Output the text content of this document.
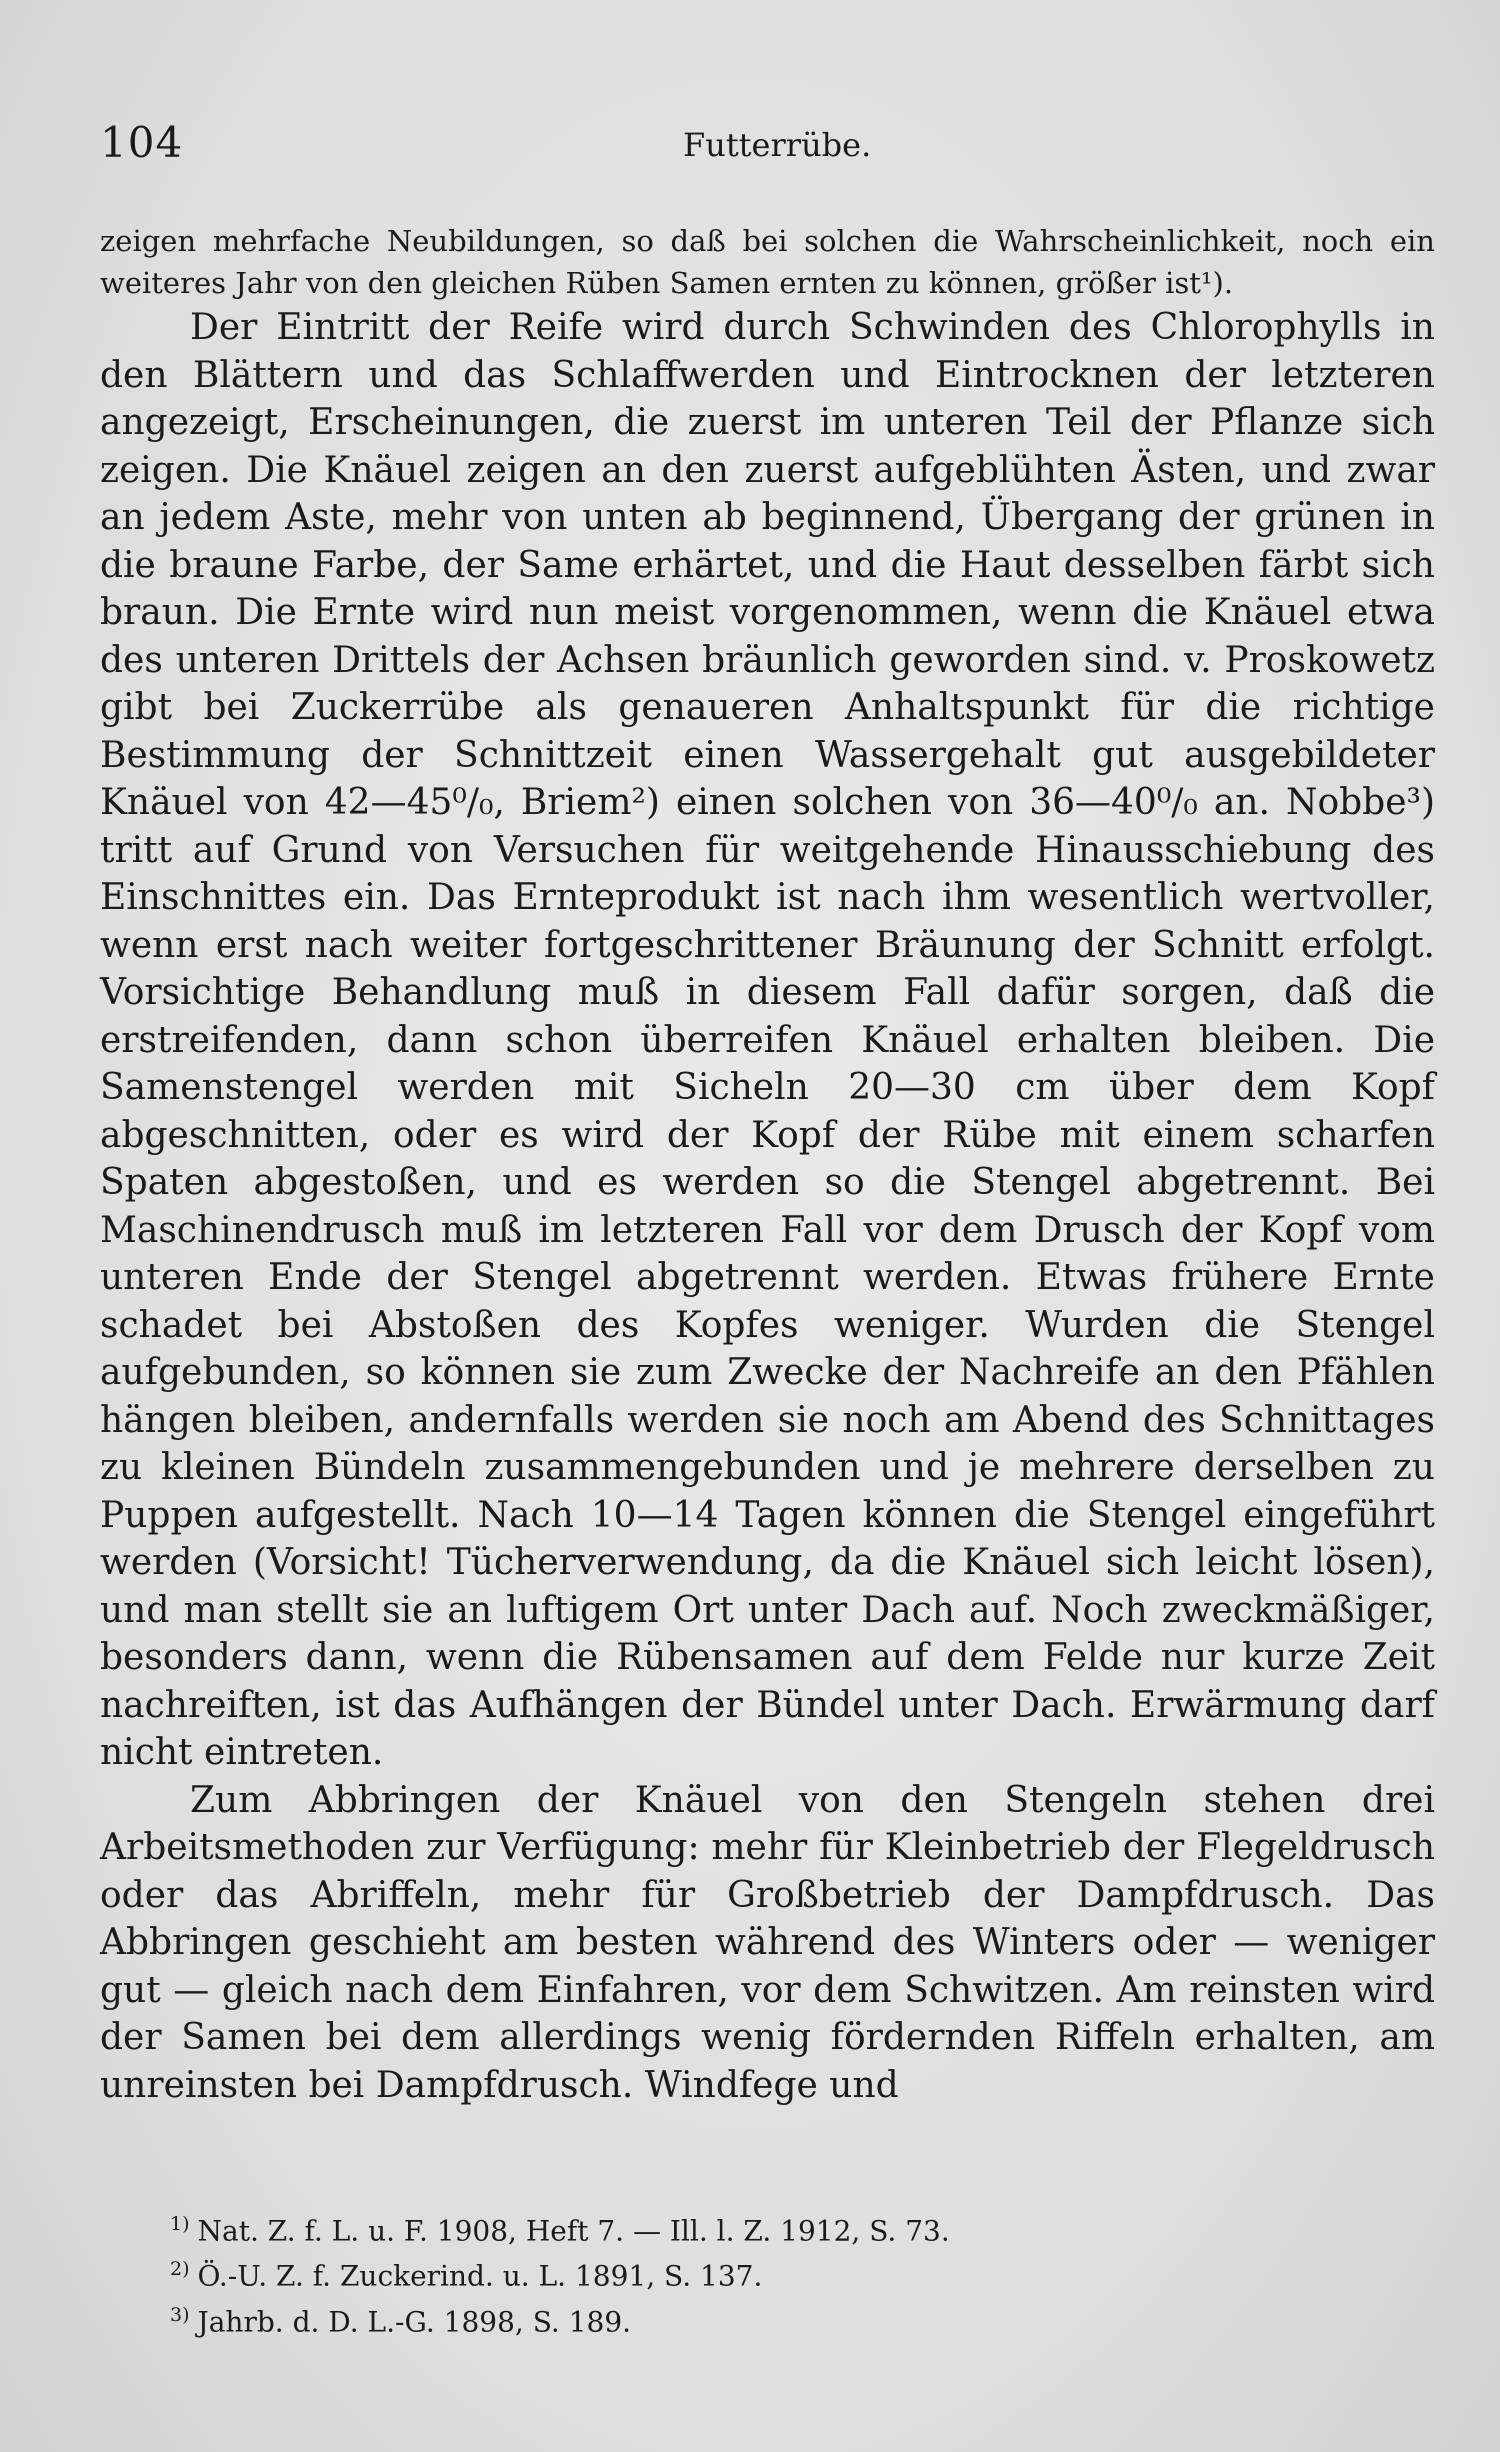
104	Futterrübe.

zeigen mehrfache Neubildungen, so daß bei solchen die Wahrscheinlichkeit, noch ein weiteres Jahr von den gleichen Rüben Samen ernten zu können, größer ist¹).

Der Eintritt der Reife wird durch Schwinden des Chlorophylls in den Blättern und das Schlaffwerden und Eintrocknen der letzteren angezeigt, Erscheinungen, die zuerst im unteren Teil der Pflanze sich zeigen. Die Knäuel zeigen an den zuerst aufgeblühten Ästen, und zwar an jedem Aste, mehr von unten ab beginnend, Übergang der grünen in die braune Farbe, der Same erhärtet, und die Haut desselben färbt sich braun. Die Ernte wird nun meist vorgenommen, wenn die Knäuel etwa des unteren Drittels der Achsen bräunlich geworden sind. v. Proskowetz gibt bei Zuckerrübe als genaueren Anhaltspunkt für die richtige Bestimmung der Schnittzeit einen Wassergehalt gut ausgebildeter Knäuel von 42—45⁰/₀, Briem²) einen solchen von 36—40⁰/₀ an. Nobbe³) tritt auf Grund von Versuchen für weitgehende Hinausschiebung des Einschnittes ein. Das Ernteprodukt ist nach ihm wesentlich wertvoller, wenn erst nach weiter fortgeschrittener Bräunung der Schnitt erfolgt. Vorsichtige Behandlung muß in diesem Fall dafür sorgen, daß die erstreifenden, dann schon überreifen Knäuel erhalten bleiben. Die Samenstengel werden mit Sicheln 20—30 cm über dem Kopf abgeschnitten, oder es wird der Kopf der Rübe mit einem scharfen Spaten abgestoßen, und es werden so die Stengel abgetrennt. Bei Maschinendrusch muß im letzteren Fall vor dem Drusch der Kopf vom unteren Ende der Stengel abgetrennt werden. Etwas frühere Ernte schadet bei Abstoßen des Kopfes weniger. Wurden die Stengel aufgebunden, so können sie zum Zwecke der Nachreife an den Pfählen hängen bleiben, andernfalls werden sie noch am Abend des Schnittages zu kleinen Bündeln zusammengebunden und je mehrere derselben zu Puppen aufgestellt. Nach 10—14 Tagen können die Stengel eingeführt werden (Vorsicht! Tücherverwendung, da die Knäuel sich leicht lösen), und man stellt sie an luftigem Ort unter Dach auf. Noch zweckmäßiger, besonders dann, wenn die Rübensamen auf dem Felde nur kurze Zeit nachreiften, ist das Aufhängen der Bündel unter Dach. Erwärmung darf nicht eintreten.

Zum Abbringen der Knäuel von den Stengeln stehen drei Arbeitsmethoden zur Verfügung: mehr für Kleinbetrieb der Flegeldrusch oder das Abriffeln, mehr für Großbetrieb der Dampfdrusch. Das Abbringen geschieht am besten während des Winters oder — weniger gut — gleich nach dem Einfahren, vor dem Schwitzen. Am reinsten wird der Samen bei dem allerdings wenig fördernden Riffeln erhalten, am unreinsten bei Dampfdrusch. Windfege und

$^{1)}$ Nat. Z. f. L. u. F. 1908, Heft 7. — Ill. l. Z. 1912, S. 73.

$^{2)}$ Ö.-U. Z. f. Zuckerind. u. L. 1891, S. 137.

$^{3)}$ Jahrb. d. D. L.-G. 1898, S. 189.
